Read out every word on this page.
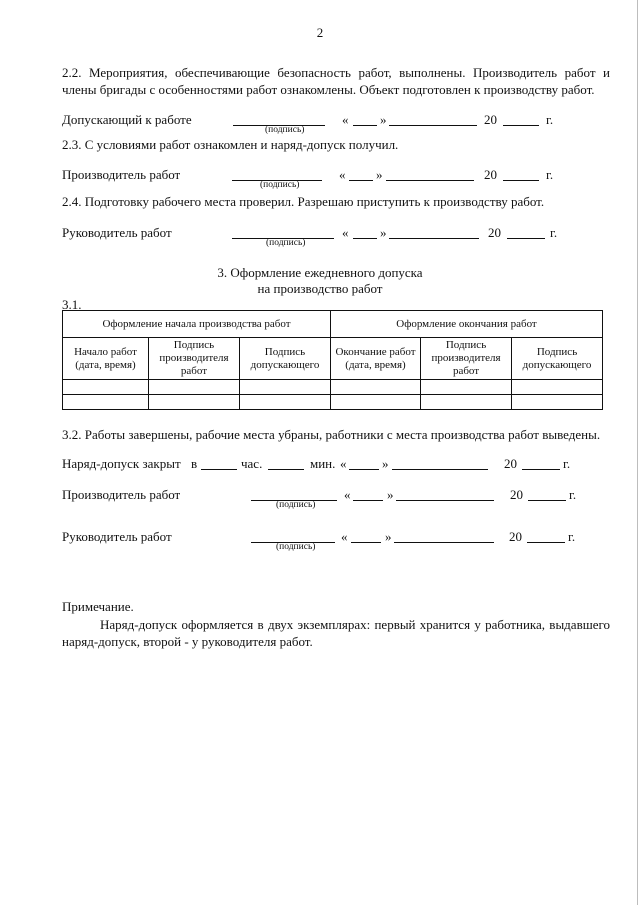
2
2.2. Мероприятия, обеспечивающие безопасность работ, выполнены. Производитель работ и члены бригады с особенностями работ ознакомлены. Объект подготовлен к производству работ.
Допускающий к работе
(подпись)
« »	20	г.
2.3. С условиями работ ознакомлен и наряд-допуск получил.
Производитель работ
(подпись)
« »	20	г.
2.4. Подготовку рабочего места проверил. Разрешаю приступить к производству работ.
Руководитель работ
(подпись)
« »	20	г.
3. Оформление ежедневного допуска
на производство работ
3.1.
Оформление начала производства работ			Оформление окончания работ		
Начало работ (дата, время)	Подпись производителя работ	Подпись допускающего	Окончание работ (дата, время)	Подпись производителя работ	Подпись допускающего

3.2. Работы завершены, рабочие места убраны, работники с места производства работ выведены.
Наряд-допуск закрыт в	час.	мин. «	»	20	г.
Производитель работ
(подпись)
«	»	20	г.
Руководитель работ
(подпись)
«	»	20	г.
Примечание.
Наряд-допуск оформляется в двух экземплярах: первый хранится у работника, выдавшего наряд-допуск, второй - у руководителя работ.
